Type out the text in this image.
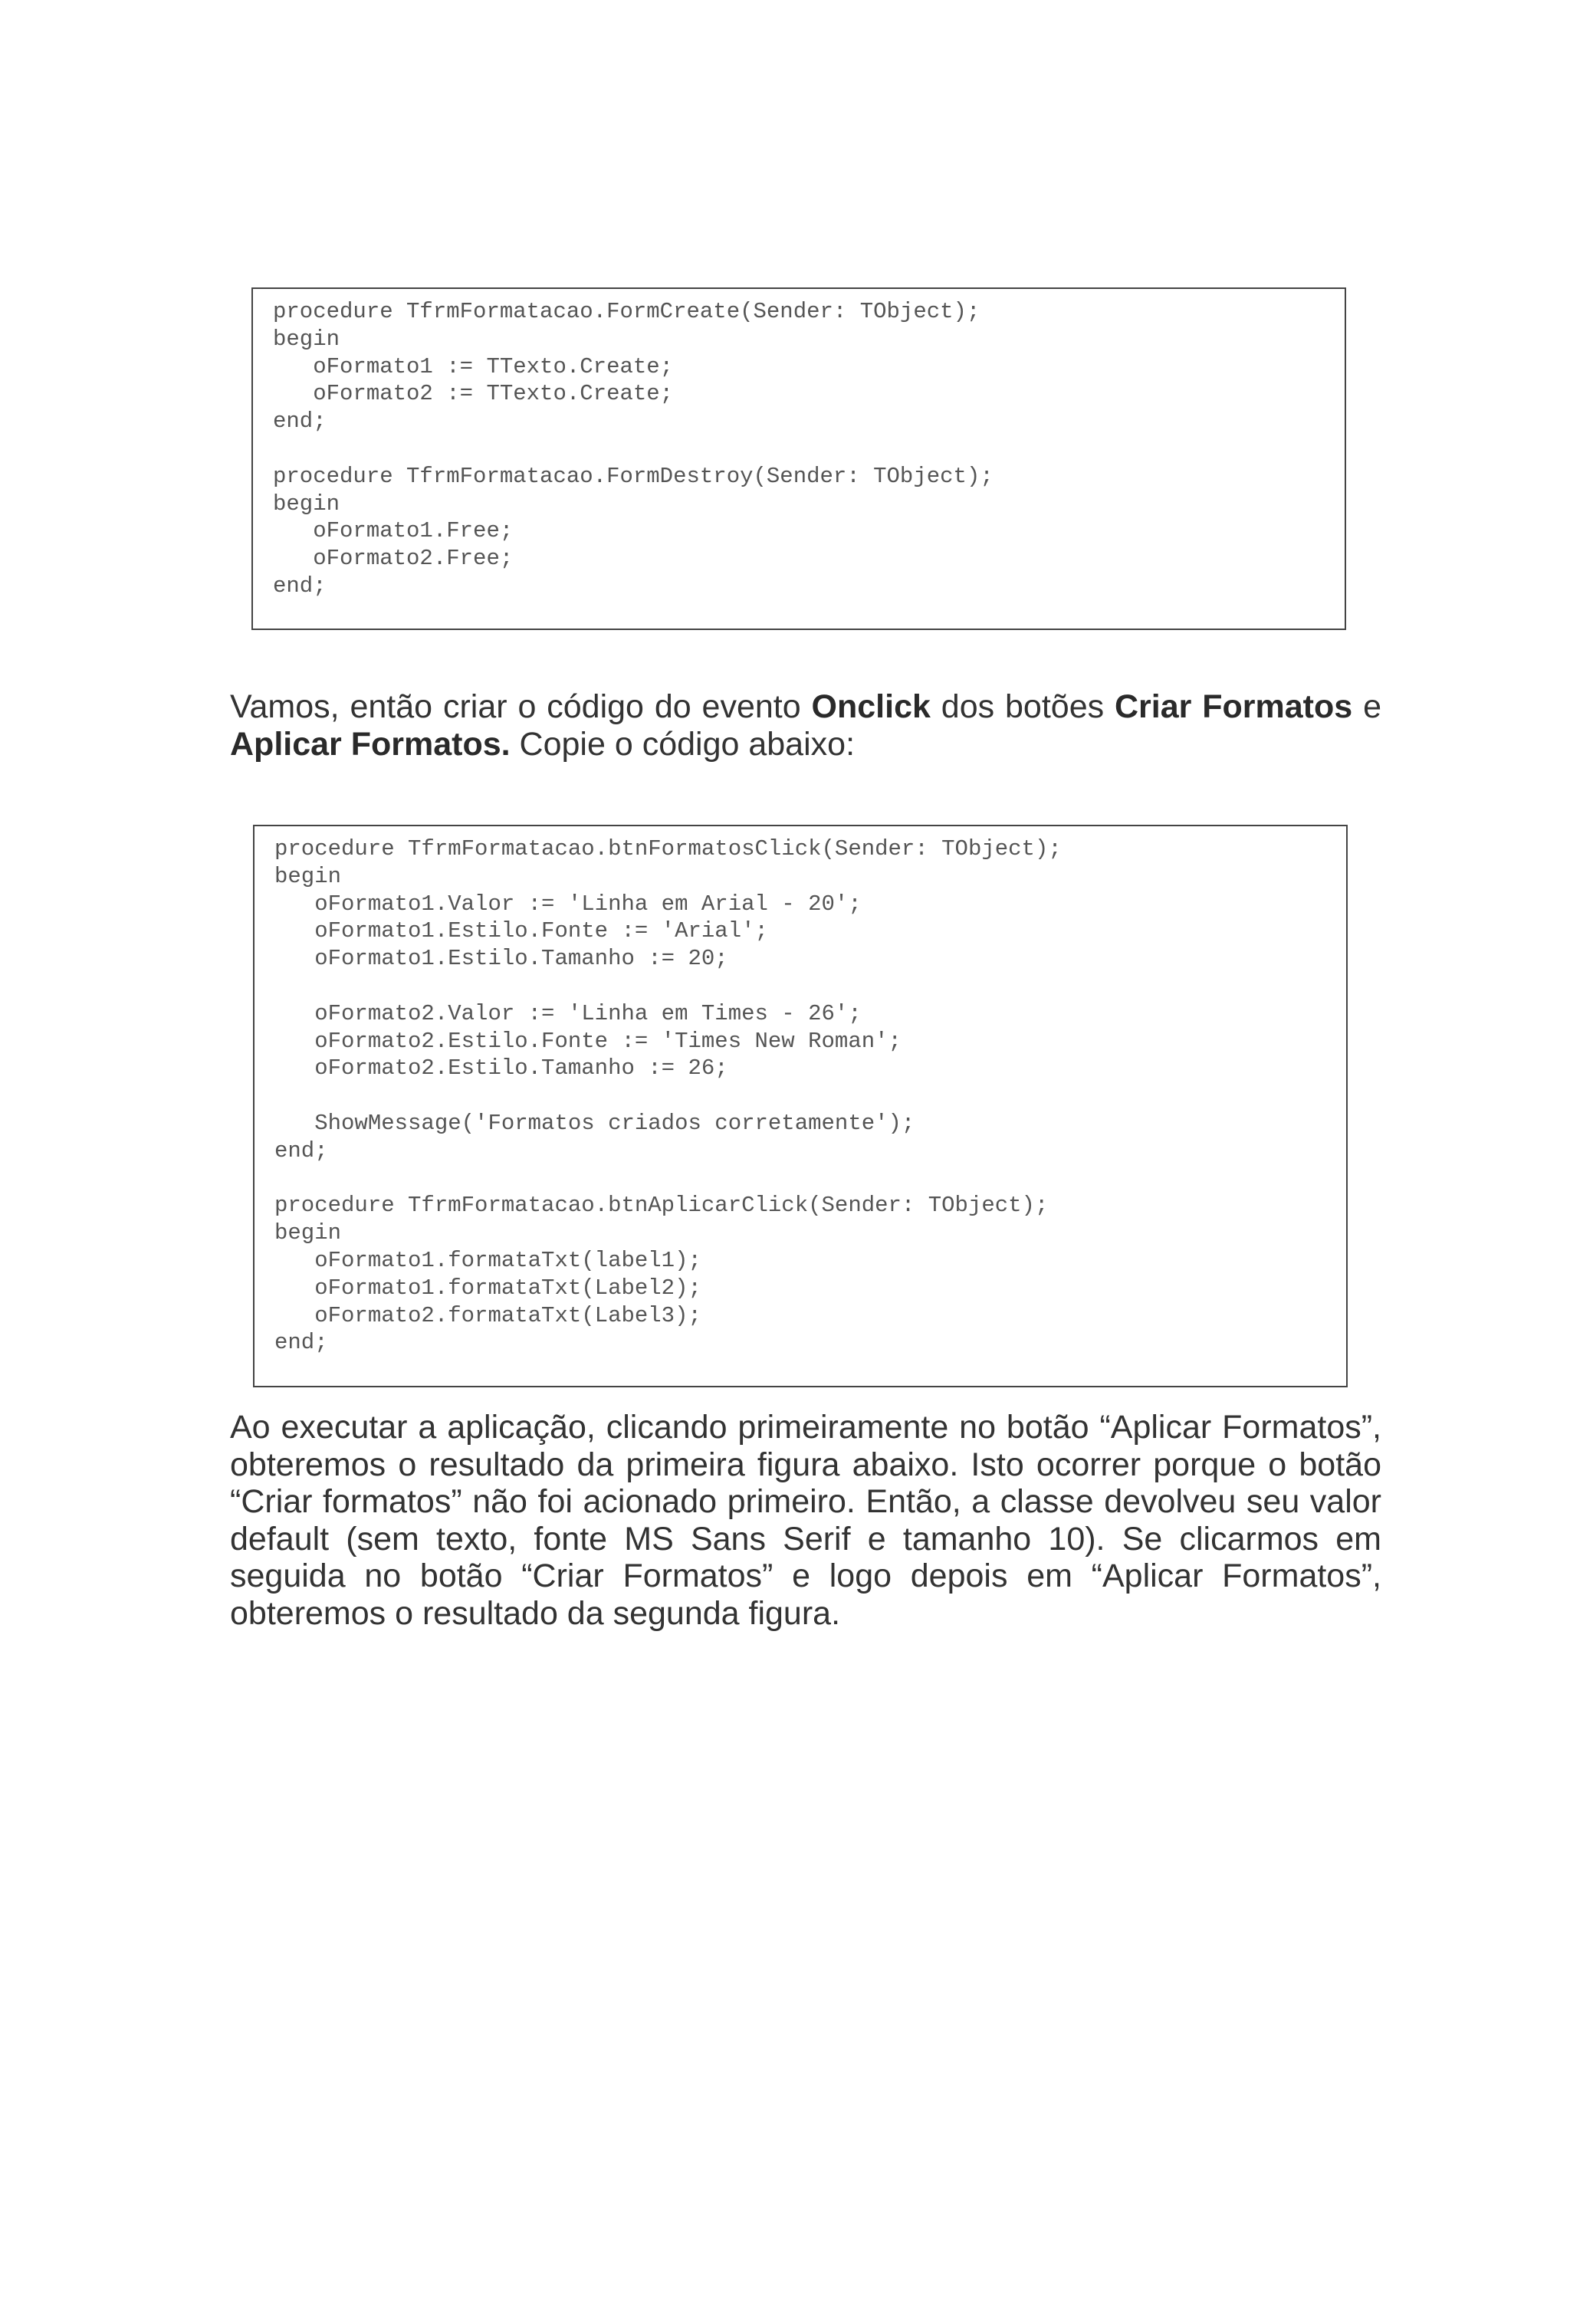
procedure TfrmFormatacao.FormCreate(Sender: TObject);
begin
oFormato1 := TTexto.Create;
oFormato2 := TTexto.Create;
end;

procedure TfrmFormatacao.FormDestroy(Sender: TObject);
begin
oFormato1.Free;
oFormato2.Free;
end;

Vamos, então criar o código do evento Onclick dos botões Criar Formatos e
Aplicar Formatos. Copie o código abaixo:

procedure TfrmFormatacao.btnFormatosClick(Sender: TObject);
begin
oFormato1.Valor := 'Linha em Arial - 20';
oFormato1.Estilo.Fonte := 'Arial';
oFormato1.Estilo.Tamanho := 20;

oFormato2.Valor := 'Linha em Times - 26';
oFormato2.Estilo.Fonte := 'Times New Roman';
oFormato2.Estilo.Tamanho := 26;

ShowMessage('Formatos criados corretamente');
end;

procedure TfrmFormatacao.btnAplicarClick(Sender: TObject);
begin
oFormato1.formataTxt(label1);
oFormato1.formataTxt(Label2);
oFormato2.formataTxt(Label3);
end;

Ao executar a aplicação, clicando primeiramente no botão “Aplicar Formatos”, obteremos o resultado da primeira figura abaixo. Isto ocorrer porque o botão “Criar formatos” não foi acionado primeiro. Então, a classe devolveu seu valor default (sem texto, fonte MS Sans Serif e tamanho 10). Se clicarmos em seguida no botão “Criar Formatos” e logo depois em “Aplicar Formatos”, obteremos o resultado da segunda figura.
